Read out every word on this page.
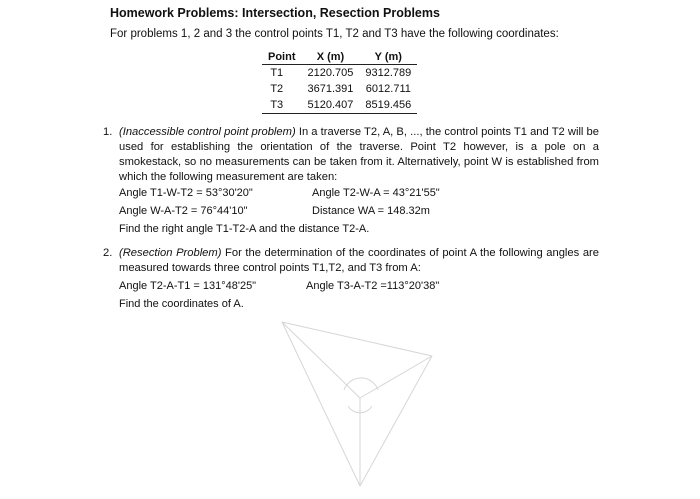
Homework Problems: Intersection, Resection Problems
For problems 1, 2 and 3 the control points T1, T2 and T3 have the following coordinates:
Point	X (m)	Y (m)
T1	2120.705	9312.789
T2	3671.391	6012.711
T3	5120.407	8519.456
1. (Inaccessible control point problem) In a traverse T2, A, B, ..., the control points T1 and T2 will be used for establishing the orientation of the traverse. Point T2 however, is a pole on a smokestack, so no measurements can be taken from it. Alternatively, point W is established from which the following measurement are taken:
Angle T1-W-T2 = 53°30'20"	Angle T2-W-A = 43°21'55"
Angle W-A-T2 = 76°44'10"	Distance WA = 148.32m
Find the right angle T1-T2-A and the distance T2-A.
2. (Resection Problem) For the determination of the coordinates of point A the following angles are measured towards three control points T1,T2, and T3 from A:
Angle T2-A-T1 = 131°48'25"	Angle T3-A-T2 =113°20'38"
Find the coordinates of A.
